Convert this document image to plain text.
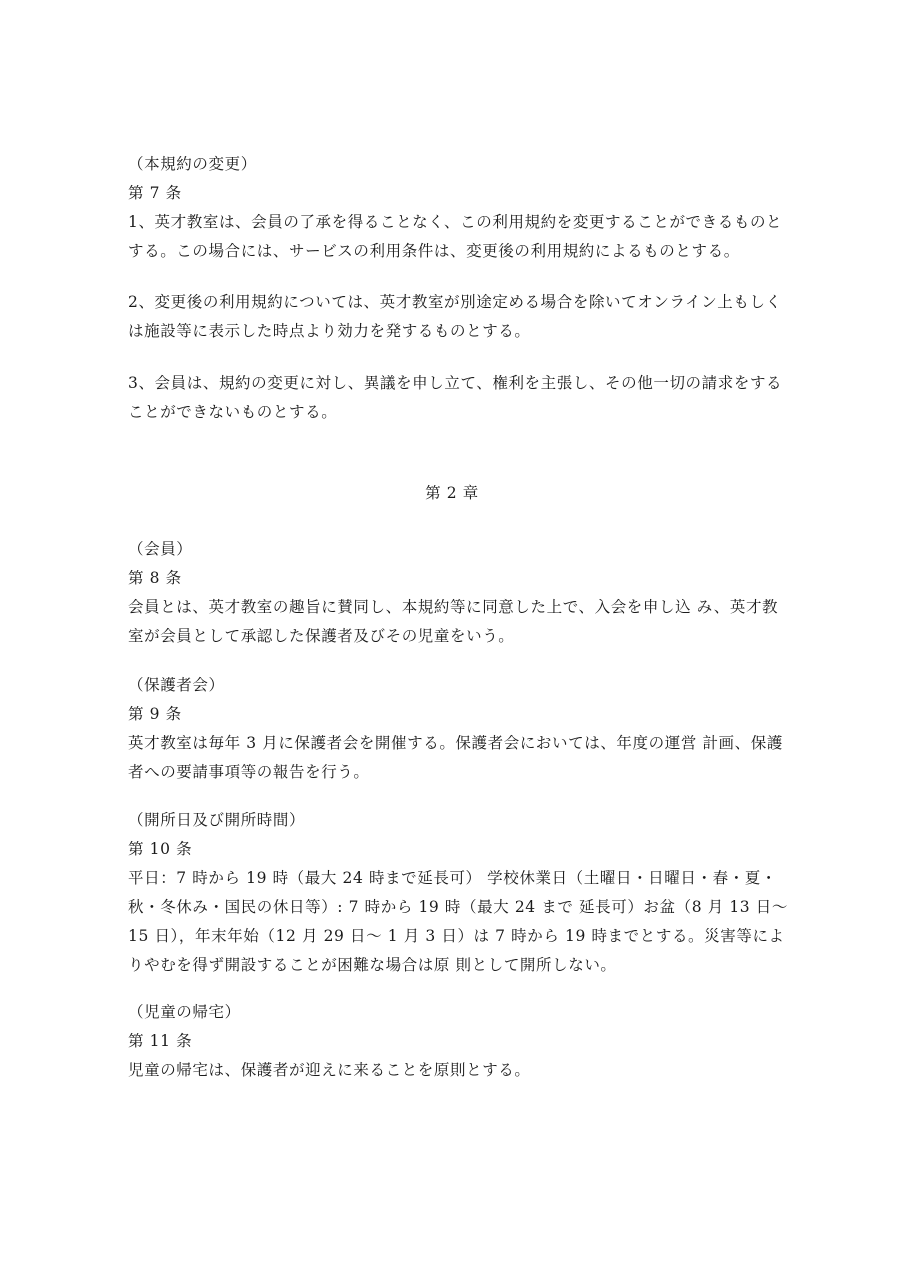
（本規約の変更）
第 7 条
1、英才教室は、会員の了承を得ることなく、この利用規約を変更することができるものと
する。この場合には、サービスの利用条件は、変更後の利用規約によるものとする。
2、変更後の利用規約については、英才教室が別途定める場合を除いてオンライン上もしく
は施設等に表示した時点より効力を発するものとする。
3、会員は、規約の変更に対し、異議を申し立て、権利を主張し、その他一切の請求をする
ことができないものとする。
第 2 章
（会員）
第 8 条
会員とは、英才教室の趣旨に賛同し、本規約等に同意した上で、入会を申し込 み、英才教
室が会員として承認した保護者及びその児童をいう。
（保護者会）
第 9 条
英才教室は毎年 3 月に保護者会を開催する。保護者会においては、年度の運営 計画、保護
者への要請事項等の報告を行う。
（開所日及び開所時間）
第 10 条
平日：7 時から 19 時（最大 24 時まで延長可） 学校休業日（土曜日・日曜日・春・夏・
秋・冬休み・国民の休日等）: 7 時から 19 時（最大 24 まで 延長可）お盆（8 月 13 日～
15 日），年末年始（12 月 29 日～ 1 月 3 日）は 7 時から 19 時までとする。災害等によ
りやむを得ず開設することが困難な場合は原 則として開所しない。
（児童の帰宅）
第 11 条
児童の帰宅は、保護者が迎えに来ることを原則とする。
